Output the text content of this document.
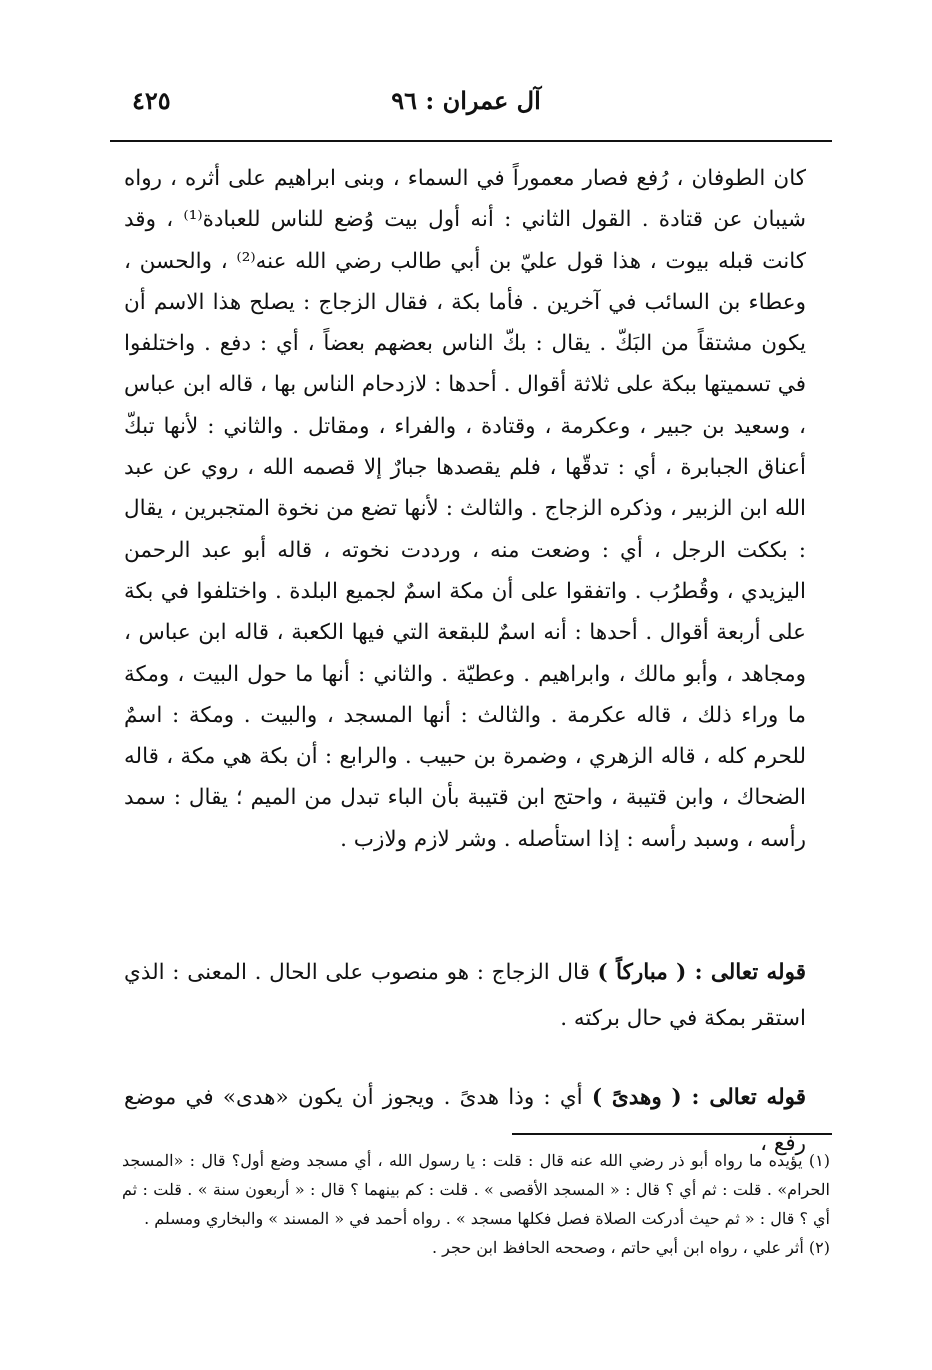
آل عمران : ٩٦
٤٢٥

كان الطوفان ، رُفع فصار معموراً في السماء ، وبنى ابراهيم على أثره ، رواه شيبان عن قتادة . القول الثاني : أنه أول بيت وُضع للناس للعبادة⁽¹⁾ ، وقد كانت قبله بيوت ، هذا قول عليّ بن أبي طالب رضي الله عنه⁽²⁾ ، والحسن ، وعطاء بن السائب في آخرين . فأما بكة ، فقال الزجاج : يصلح هذا الاسم أن يكون مشتقاً من البَكّ . يقال : بكّ الناس بعضهم بعضاً ، أي : دفع . واختلفوا في تسميتها ببكة على ثلاثة أقوال . أحدها : لازدحام الناس بها ، قاله ابن عباس ، وسعيد بن جبير ، وعكرمة ، وقتادة ، والفراء ، ومقاتل . والثاني : لأنها تبكّ أعناق الجبابرة ، أي : تدقّها ، فلم يقصدها جبارٌ إلا قصمه الله ، روي عن عبد الله ابن الزبير ، وذكره الزجاج . والثالث : لأنها تضع من نخوة المتجبرين ، يقال : بككت الرجل ، أي : وضعت منه ، ورددت نخوته ، قاله أبو عبد الرحمن اليزيدي ، وقُطرُب . واتفقوا على أن مكة اسمٌ لجميع البلدة . واختلفوا في بكة على أربعة أقوال . أحدها : أنه اسمٌ للبقعة التي فيها الكعبة ، قاله ابن عباس ، ومجاهد ، وأبو مالك ، وابراهيم . وعطيّة . والثاني : أنها ما حول البيت ، ومكة ما وراء ذلك ، قاله عكرمة . والثالث : أنها المسجد ، والبيت . ومكة : اسمٌ للحرم كله ، قاله الزهري ، وضمرة بن حبيب . والرابع : أن بكة هي مكة ، قاله الضحاك ، وابن قتيبة ، واحتج ابن قتيبة بأن الباء تبدل من الميم ؛ يقال : سمد رأسه ، وسبد رأسه : إذا استأصله . وشر لازم ولازب .

قوله تعالى : ( مباركاً ) قال الزجاج : هو منصوب على الحال . المعنى : الذي استقر بمكة في حال بركته .

قوله تعالى : ( وهدىً ) أي : وذا هدىً . ويجوز أن يكون «هدى» في موضع رفع ،

(١) يؤيده ما رواه أبو ذر رضي الله عنه قال : قلت : يا رسول الله ، أي مسجد وضع أول؟ قال : «المسجد الحرام» . قلت : ثم أي ؟ قال : « المسجد الأقصى » . قلت : كم بينهما ؟ قال : « أربعون سنة » . قلت : ثم أي ؟ قال : « ثم حيث أدركت الصلاة فصل فكلها مسجد » . رواه أحمد في « المسند » والبخاري ومسلم .

(٢) أثر علي ، رواه ابن أبي حاتم ، وصححه الحافظ ابن حجر .
